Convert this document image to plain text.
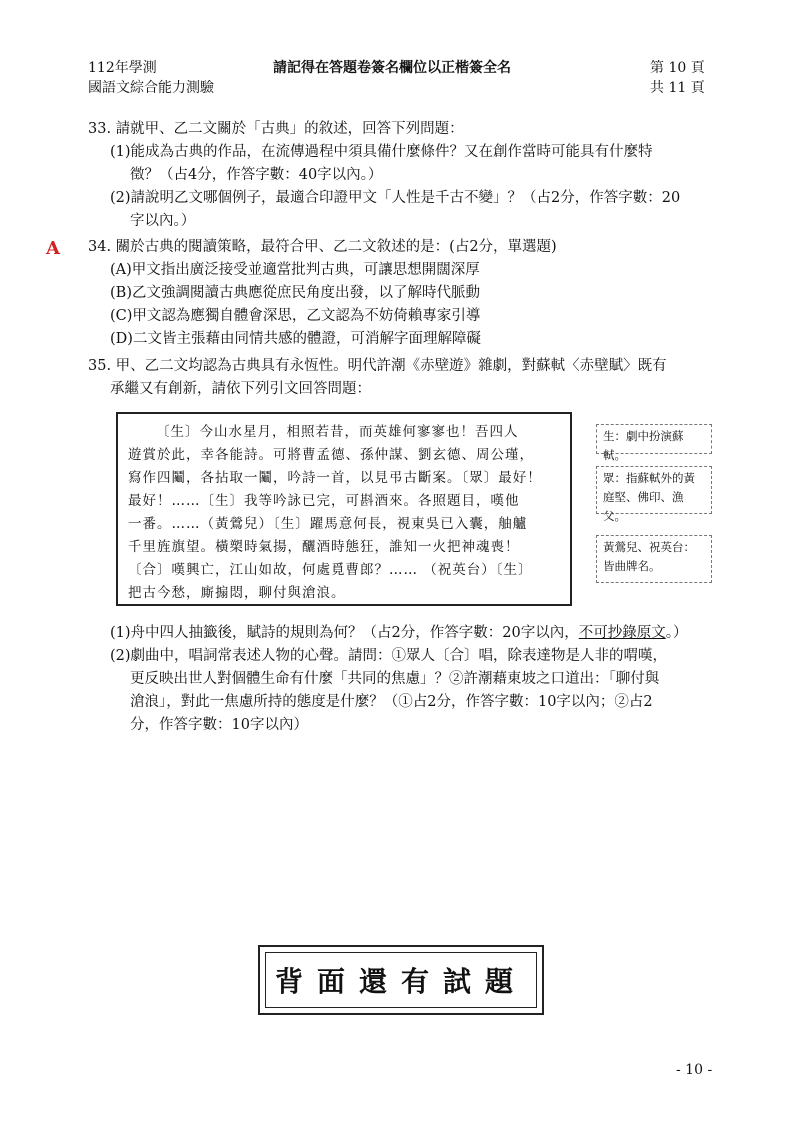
112年學測
國語文綜合能力測驗
請記得在答題卷簽名欄位以正楷簽全名	第 10 頁
共 11 頁
33. 請就甲、乙二文關於「古典」的敘述，回答下列問題：
(1)能成為古典的作品，在流傳過程中須具備什麼條件？又在創作當時可能具有什麼特
徵？（占4分，作答字數：40字以內。）
(2)請說明乙文哪個例子，最適合印證甲文「人性是千古不變」？（占2分，作答字數：20
字以內。）
A 34. 關於古典的閱讀策略，最符合甲、乙二文敘述的是：(占2分，單選題)
(A)甲文指出廣泛接受並適當批判古典，可讓思想開闊深厚
(B)乙文強調閱讀古典應從庶民角度出發，以了解時代脈動
(C)甲文認為應獨自體會深思，乙文認為不妨倚賴專家引導
(D)二文皆主張藉由同情共感的體證，可消解字面理解障礙
35. 甲、乙二文均認為古典具有永恆性。明代許潮《赤壁遊》雜劇，對蘇軾〈赤壁賦〉既有
承繼又有創新，請依下列引文回答問題：
〔生〕今山水星月，相照若昔，而英雄何寥寥也！吾四人
遊賞於此，幸各能詩。可將曹孟德、孫仲謀、劉玄德、周公瑾，
寫作四鬮，各拈取一鬮，吟詩一首，以見弔古斷案。〔眾〕最好！
最好！……〔生〕我等吟詠已完，可斟酒來。各照題目，嘆他
一番。……（黃鶯兒）〔生〕躍馬意何長，視東吳已入囊，舳艫
千里旌旗望。橫槊時氣揚，釃酒時態狂，誰知一火把神魂喪！
〔合〕嘆興亡，江山如故，何處覓曹郎？…… （祝英台）〔生〕
把古今愁，廝搧悶，聊付與滄浪。
生：劇中扮演蘇軾。
眾：指蘇軾外的黃庭堅、佛印、漁父。
黃鶯兒、祝英台：皆曲牌名。
(1)舟中四人抽籤後，賦詩的規則為何？（占2分，作答字數：20字以內，不可抄錄原文。）
(2)劇曲中，唱詞常表述人物的心聲。請問：①眾人〔合〕唱，除表達物是人非的喟嘆，
更反映出世人對個體生命有什麼「共同的焦慮」？②許潮藉東坡之口道出：「聊付與
滄浪」，對此一焦慮所持的態度是什麼？（①占2分，作答字數：10字以內；②占2
分，作答字數：10字以內）
背面還有試題
- 10 -
